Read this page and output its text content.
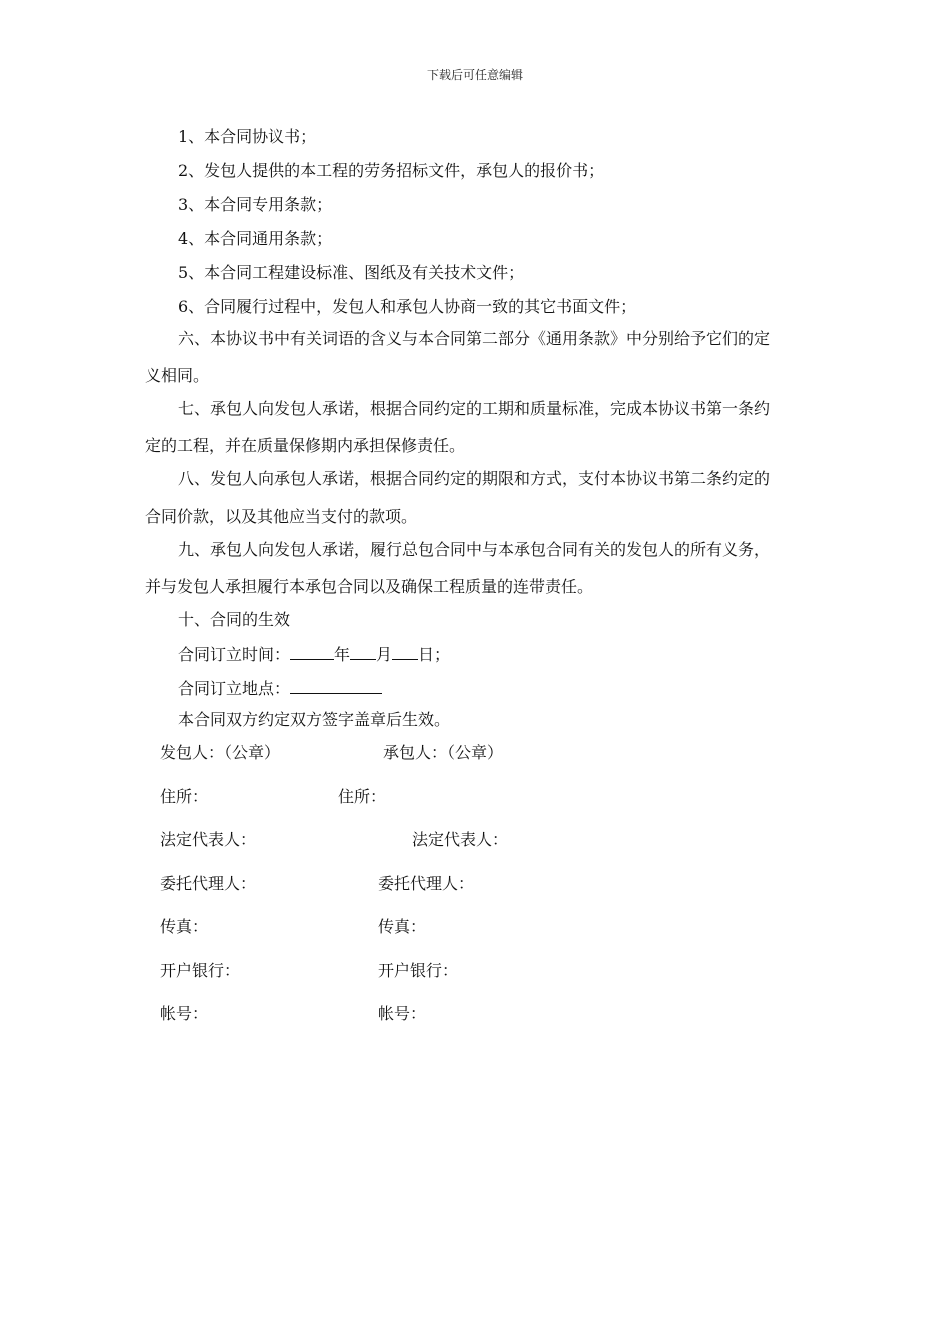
下载后可任意编辑
1、本合同协议书；
2、发包人提供的本工程的劳务招标文件，承包人的报价书；
3、本合同专用条款；
4、本合同通用条款；
5、本合同工程建设标准、图纸及有关技术文件；
6、合同履行过程中，发包人和承包人协商一致的其它书面文件；
六、本协议书中有关词语的含义与本合同第二部分《通用条款》中分别给予它们的定
义相同。
七、承包人向发包人承诺，根据合同约定的工期和质量标准，完成本协议书第一条约
定的工程，并在质量保修期内承担保修责任。
八、发包人向承包人承诺，根据合同约定的期限和方式，支付本协议书第二条约定的
合同价款，以及其他应当支付的款项。
九、承包人向发包人承诺，履行总包合同中与本承包合同有关的发包人的所有义务，
并与发包人承担履行本承包合同以及确保工程质量的连带责任。
十、合同的生效
合同订立时间：	年 月 日；
合同订立地点：
本合同双方约定双方签字盖章后生效。
发包人：（公章）	承包人：（公章）
住所：	住所：
法定代表人：	法定代表人：
委托代理人：	委托代理人：
传真：	传真：
开户银行：	开户银行：
帐号：	帐号：
